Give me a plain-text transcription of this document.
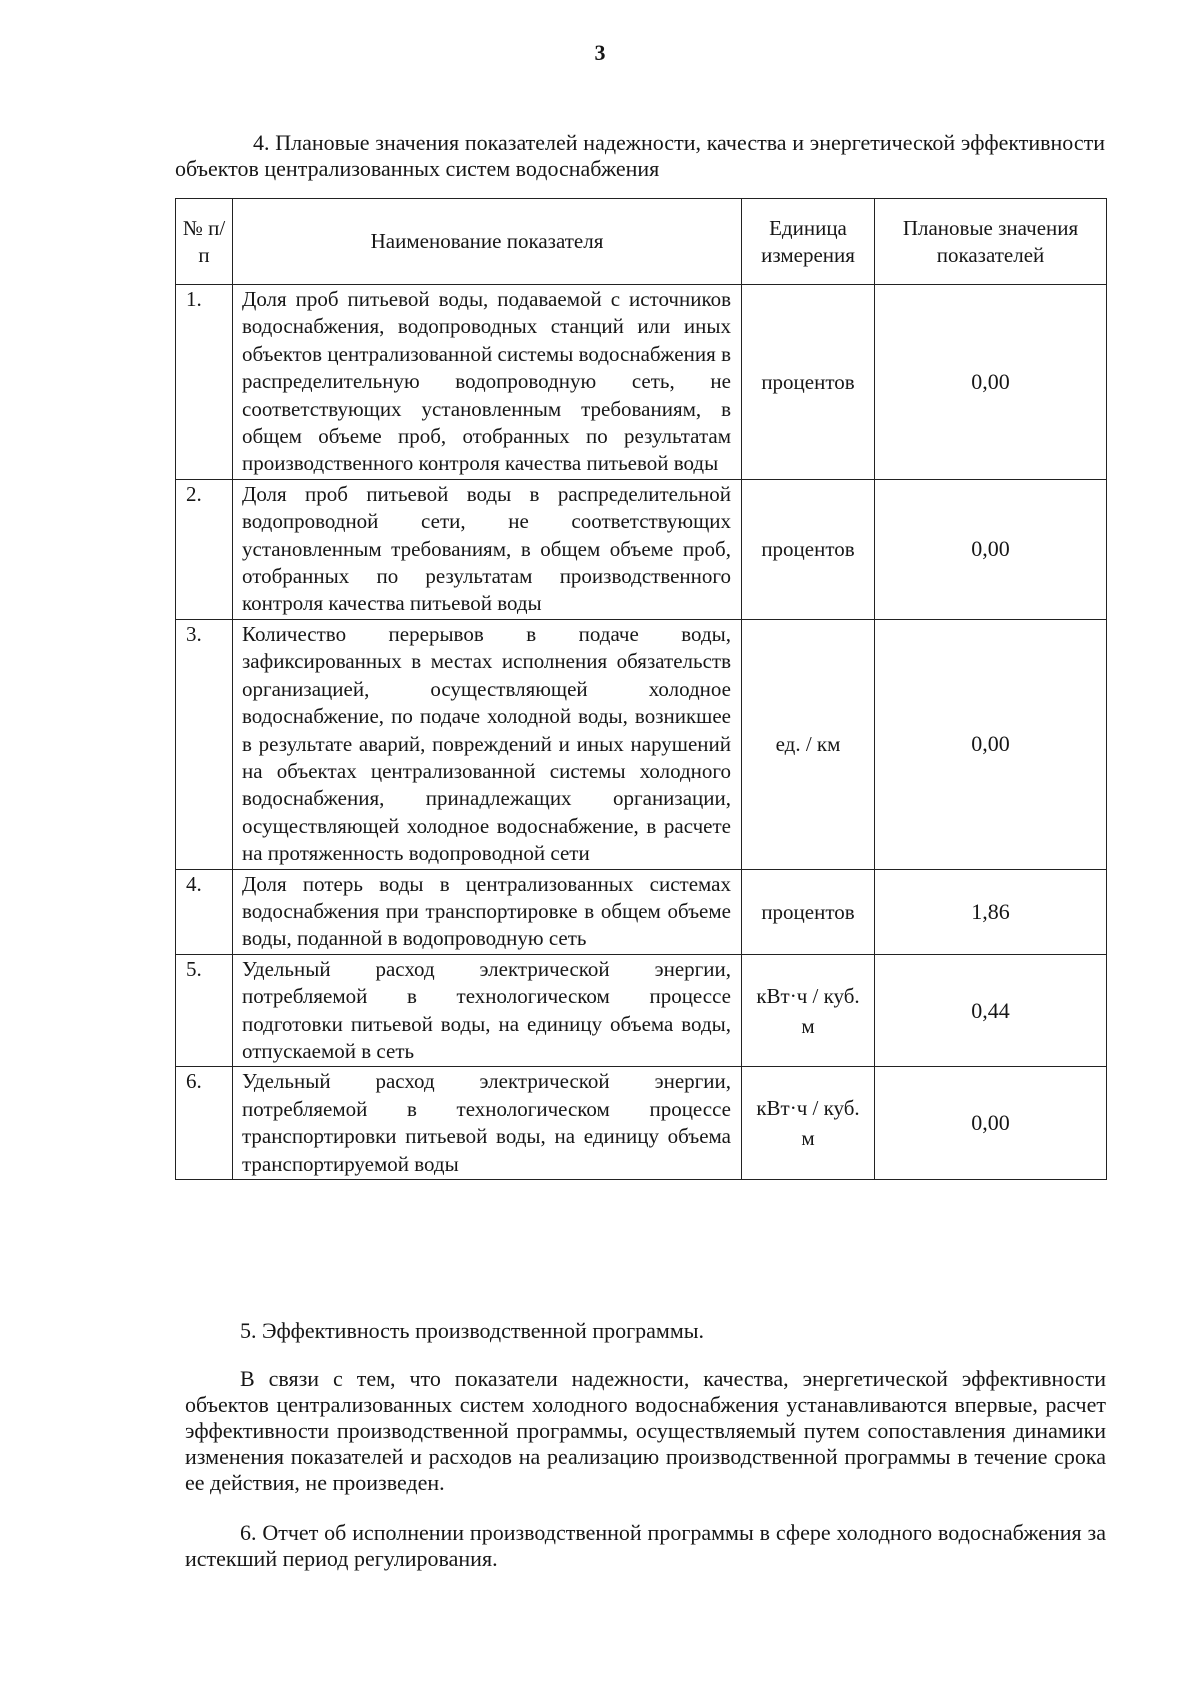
3
4. Плановые значения показателей надежности, качества и энергетической эффективности объектов централизованных систем водоснабжения
№ п/п	Наименование показателя	Единица измерения	Плановые значения показателей
1.	Доля проб питьевой воды, подаваемой с источников водоснабжения, водопроводных станций или иных объектов централизованной системы водоснабжения в распределительную водопроводную сеть, не соответствующих установленным требованиям, в общем объеме проб, отобранных по результатам производственного контроля качества питьевой воды	процентов	0,00
2.	Доля проб питьевой воды в распределительной водопроводной сети, не соответствующих установленным требованиям, в общем объеме проб, отобранных по результатам производственного контроля качества питьевой воды	процентов	0,00
3.	Количество перерывов в подаче воды, зафиксированных в местах исполнения обязательств организацией, осуществляющей холодное водоснабжение, по подаче холодной воды, возникшее в результате аварий, повреждений и иных нарушений на объектах централизованной системы холодного водоснабжения, принадлежащих организации, осуществляющей холодное водоснабжение, в расчете на протяженность водопроводной сети	ед. / км	0,00
4.	Доля потерь воды в централизованных системах водоснабжения при транспортировке в общем объеме воды, поданной в водопроводную сеть	процентов	1,86
5.	Удельный расход электрической энергии, потребляемой в технологическом процессе подготовки питьевой воды, на единицу объема воды, отпускаемой в сеть	кВт·ч / куб. м	0,44
6.	Удельный расход электрической энергии, потребляемой в технологическом процессе транспортировки питьевой воды, на единицу объема транспортируемой воды	кВт·ч / куб. м	0,00
5. Эффективность производственной программы.
В связи с тем, что показатели надежности, качества, энергетической эффективности объектов централизованных систем холодного водоснабжения устанавливаются впервые, расчет эффективности производственной программы, осуществляемый путем сопоставления динамики изменения показателей и расходов на реализацию производственной программы в течение срока ее действия, не произведен.
6. Отчет об исполнении производственной программы в сфере холодного водоснабжения за истекший период регулирования.
